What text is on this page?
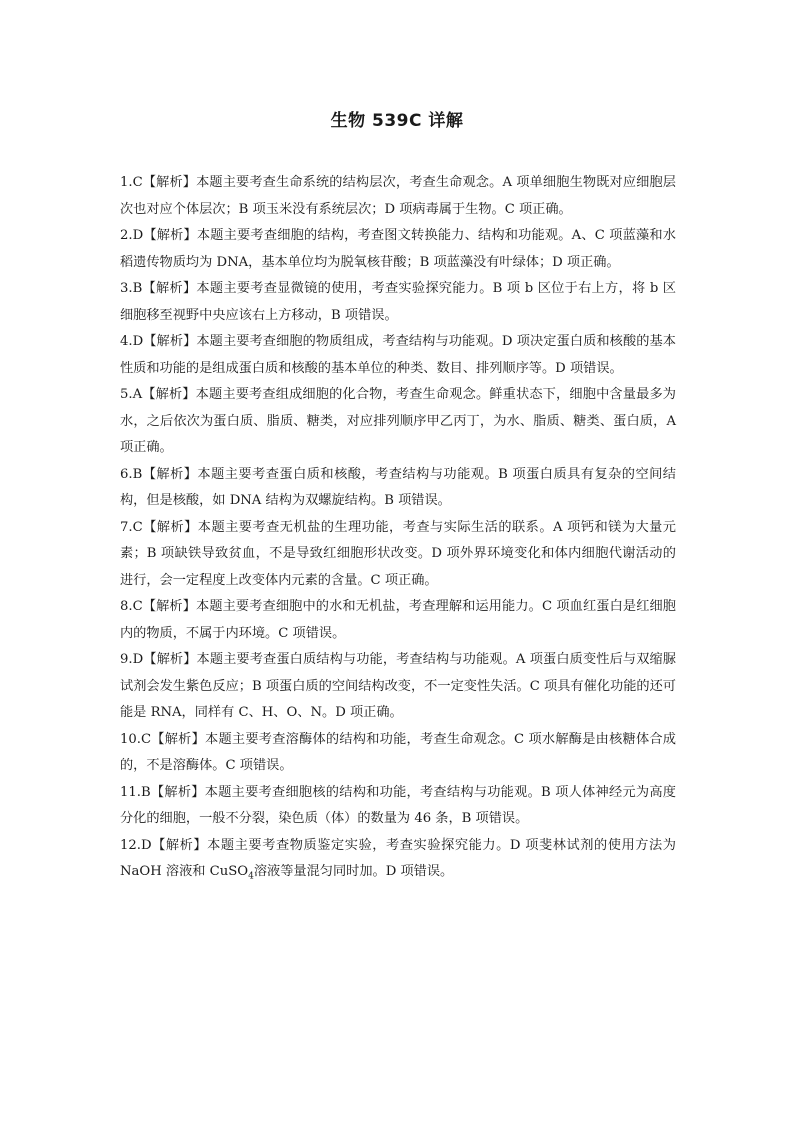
生物 539C 详解

1.C【解析】本题主要考查生命系统的结构层次，考查生命观念。A 项单细胞生物既对应细胞层次也对应个体层次；B 项玉米没有系统层次；D 项病毒属于生物。C 项正确。

2.D【解析】本题主要考查细胞的结构，考查图文转换能力、结构和功能观。A、C 项蓝藻和水稻遗传物质均为 DNA，基本单位均为脱氧核苷酸；B 项蓝藻没有叶绿体；D 项正确。

3.B【解析】本题主要考查显微镜的使用，考查实验探究能力。B 项 b 区位于右上方，将 b 区细胞移至视野中央应该右上方移动，B 项错误。

4.D【解析】本题主要考查细胞的物质组成，考查结构与功能观。D 项决定蛋白质和核酸的基本性质和功能的是组成蛋白质和核酸的基本单位的种类、数目、排列顺序等。D 项错误。

5.A【解析】本题主要考查组成细胞的化合物，考查生命观念。鲜重状态下，细胞中含量最多为水，之后依次为蛋白质、脂质、糖类，对应排列顺序甲乙丙丁，为水、脂质、糖类、蛋白质，A 项正确。

6.B【解析】本题主要考查蛋白质和核酸，考查结构与功能观。B 项蛋白质具有复杂的空间结构，但是核酸，如 DNA 结构为双螺旋结构。B 项错误。

7.C【解析】本题主要考查无机盐的生理功能，考查与实际生活的联系。A 项钙和镁为大量元素；B 项缺铁导致贫血，不是导致红细胞形状改变。D 项外界环境变化和体内细胞代谢活动的进行，会一定程度上改变体内元素的含量。C 项正确。

8.C【解析】本题主要考查细胞中的水和无机盐，考查理解和运用能力。C 项血红蛋白是红细胞内的物质，不属于内环境。C 项错误。

9.D【解析】本题主要考查蛋白质结构与功能，考查结构与功能观。A 项蛋白质变性后与双缩脲试剂会发生紫色反应；B 项蛋白质的空间结构改变，不一定变性失活。C 项具有催化功能的还可能是 RNA，同样有 C、H、O、N。D 项正确。

10.C【解析】本题主要考查溶酶体的结构和功能，考查生命观念。C 项水解酶是由核糖体合成的，不是溶酶体。C 项错误。

11.B【解析】本题主要考查细胞核的结构和功能，考查结构与功能观。B 项人体神经元为高度分化的细胞，一般不分裂，染色质（体）的数量为 46 条，B 项错误。

12.D【解析】本题主要考查物质鉴定实验，考查实验探究能力。D 项斐林试剂的使用方法为 NaOH 溶液和 CuSO$_4$溶液等量混匀同时加。D 项错误。
